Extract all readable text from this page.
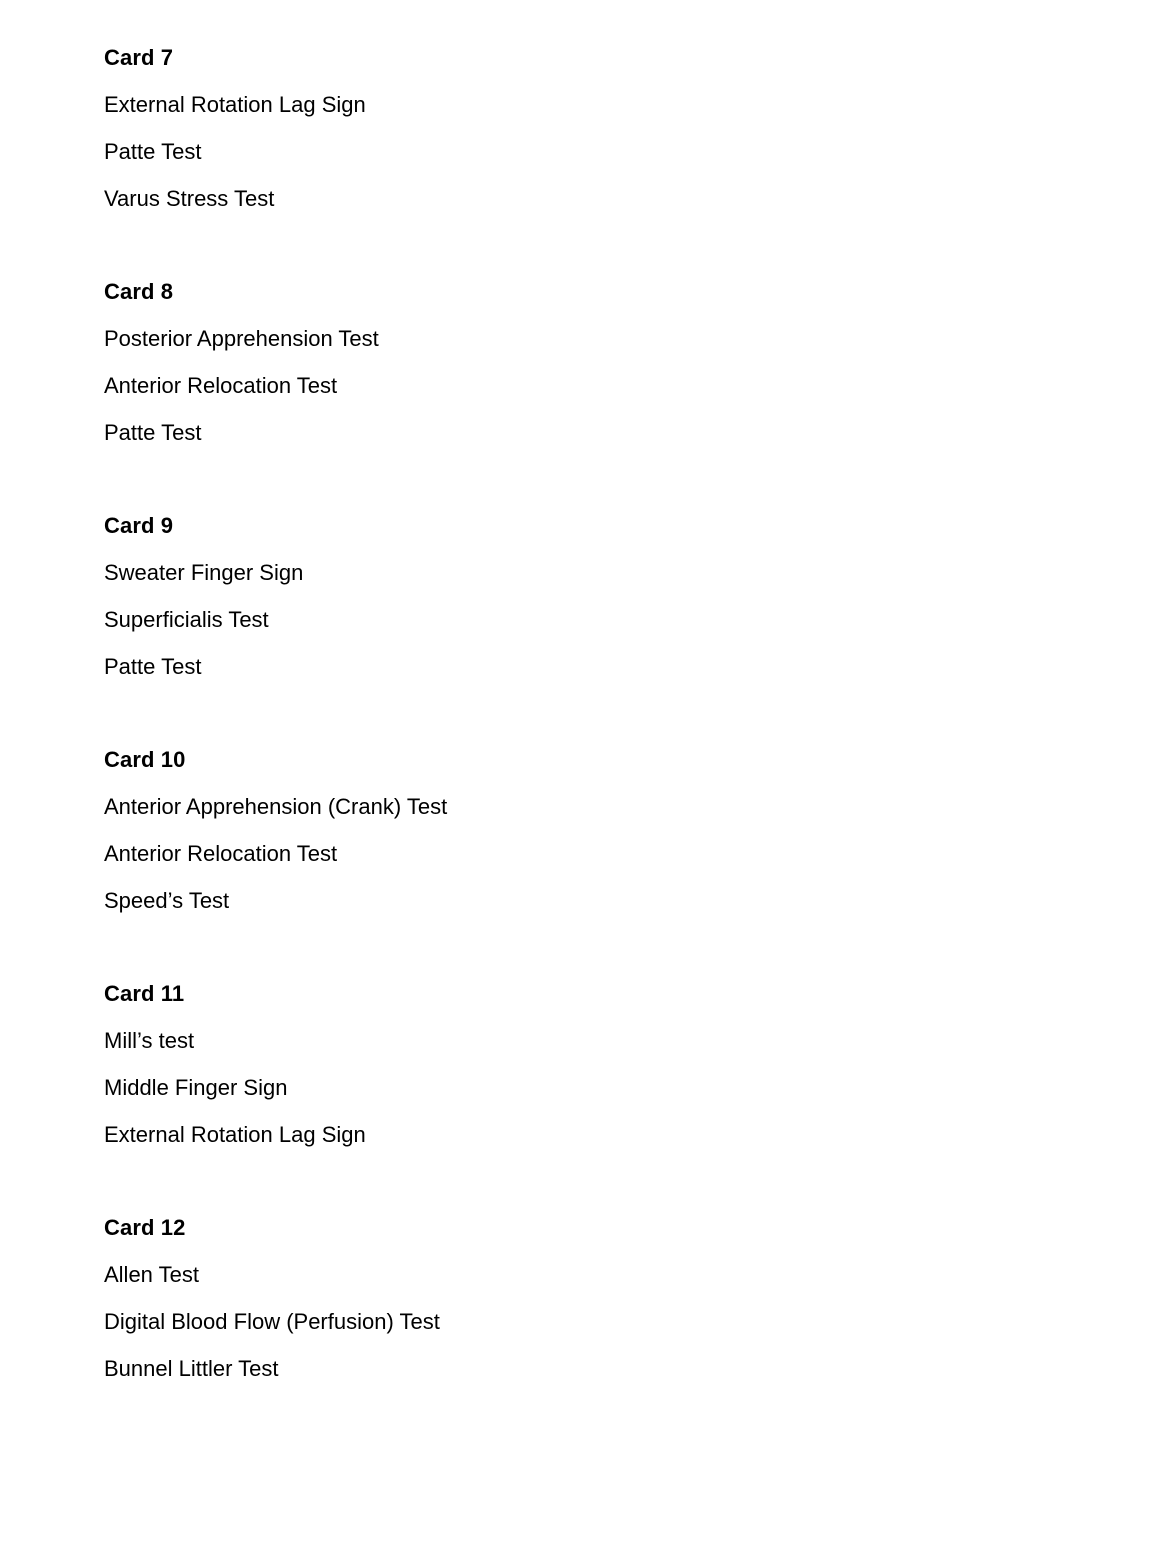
Card 7
External Rotation Lag Sign
Patte Test
Varus Stress Test
Card 8
Posterior Apprehension Test
Anterior Relocation Test
Patte Test
Card 9
Sweater Finger Sign
Superficialis Test
Patte Test
Card 10
Anterior Apprehension (Crank) Test
Anterior Relocation Test
Speed’s Test
Card 11
Mill’s test
Middle Finger Sign
External Rotation Lag Sign
Card 12
Allen Test
Digital Blood Flow (Perfusion) Test
Bunnel Littler Test
